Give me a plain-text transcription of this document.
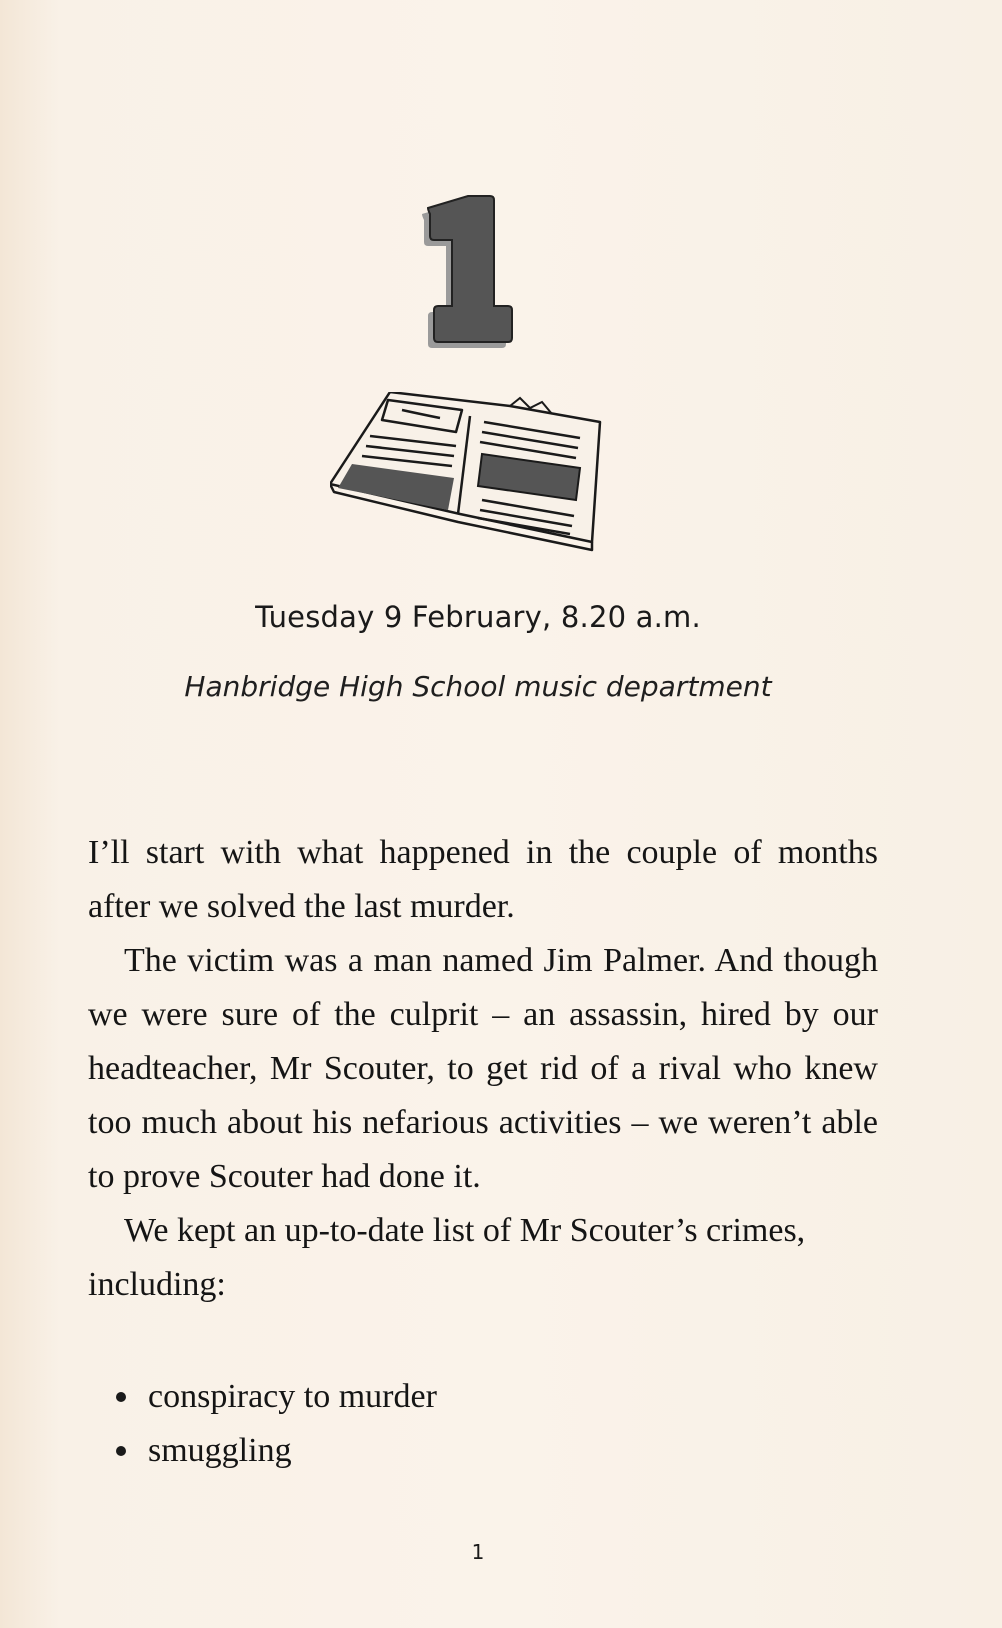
Tuesday 9 February, 8.20 a.m.
Hanbridge High School music department

I’ll start with what happened in the couple of months after we solved the last murder.

The victim was a man named Jim Palmer. And though we were sure of the culprit – an assassin, hired by our headteacher, Mr Scouter, to get rid of a rival who knew too much about his nefarious activities – we weren’t able to prove Scouter had done it.

We kept an up-to-date list of Mr Scouter’s crimes, including:

conspiracy to murder
smuggling
1
